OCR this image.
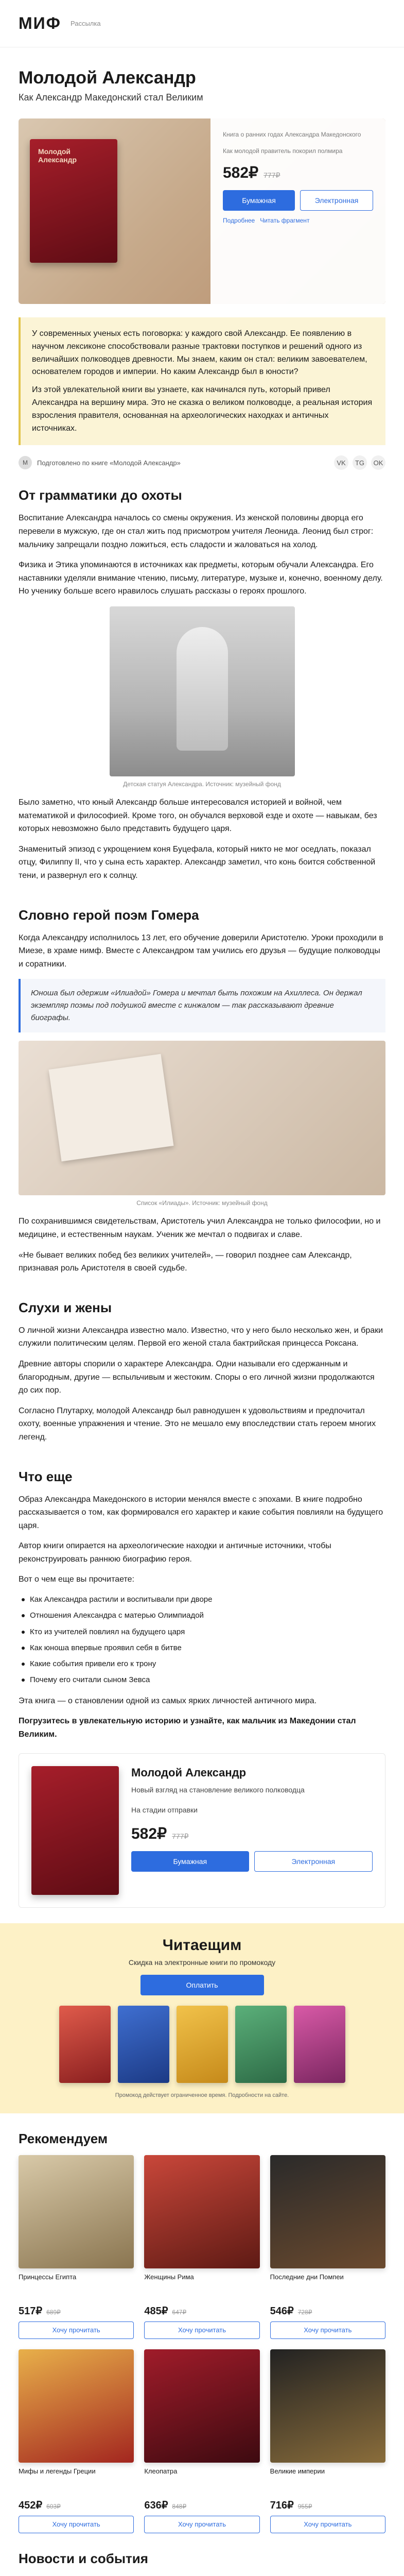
МИФ Рассылка
Молодой Александр
Как Александр Македонский стал Великим
Молодой Александр
Книга о ранних годах Александра Македонского
Как молодой правитель покорил полмира
582₽ 777₽
Бумажная	Электронная
Подробнее Читать фрагмент

У современных ученых есть поговорка: у каждого свой Александр. Ее появлению в научном лексиконе способствовали разные трактовки поступков и решений одного из величайших полководцев древности. Мы знаем, каким он стал: великим завоевателем, основателем городов и империи. Но каким Александр был в юности?

Из этой увлекательной книги вы узнаете, как начинался путь, который привел Александра на вершину мира. Это не сказка о великом полководце, а реальная история взросления правителя, основанная на археологических находках и античных источниках.

М	Подготовлено по книге «Молодой Александр»	VK	TG	OK
От грамматики до охоты
Воспитание Александра началось со смены окружения. Из женской половины дворца его перевели в мужскую, где он стал жить под присмотром учителя Леонида. Леонид был строг: мальчику запрещали поздно ложиться, есть сладости и жаловаться на холод.
Физика и Этика упоминаются в источниках как предметы, которым обучали Александра. Его наставники уделяли внимание чтению, письму, литературе, музыке и, конечно, военному делу. Но ученику больше всего нравилось слушать рассказы о героях прошлого.
Детская статуя Александра. Источник: музейный фонд
Было заметно, что юный Александр больше интересовался историей и войной, чем математикой и философией. Кроме того, он обучался верховой езде и охоте — навыкам, без которых невозможно было представить будущего царя.
Знаменитый эпизод с укрощением коня Буцефала, который никто не мог оседлать, показал отцу, Филиппу II, что у сына есть характер. Александр заметил, что конь боится собственной тени, и развернул его к солнцу.
Словно герой поэм Гомера
Когда Александру исполнилось 13 лет, его обучение доверили Аристотелю. Уроки проходили в Миезе, в храме нимф. Вместе с Александром там учились его друзья — будущие полководцы и соратники.
Юноша был одержим «Илиадой» Гомера и мечтал быть похожим на Ахиллеса. Он держал экземпляр поэмы под подушкой вместе с кинжалом — так рассказывают древние биографы.
Список «Илиады». Источник: музейный фонд
По сохранившимся свидетельствам, Аристотель учил Александра не только философии, но и медицине, и естественным наукам. Ученик же мечтал о подвигах и славе.
«Не бывает великих побед без великих учителей», — говорил позднее сам Александр, признавая роль Аристотеля в своей судьбе.
Слухи и жены
О личной жизни Александра известно мало. Известно, что у него было несколько жен, и браки служили политическим целям. Первой его женой стала бактрийская принцесса Роксана.
Древние авторы спорили о характере Александра. Одни называли его сдержанным и благородным, другие — вспыльчивым и жестоким. Споры о его личной жизни продолжаются до сих пор.
Согласно Плутарху, молодой Александр был равнодушен к удовольствиям и предпочитал охоту, военные упражнения и чтение. Это не мешало ему впоследствии стать героем многих легенд.
Что еще
Образ Александра Македонского в истории менялся вместе с эпохами. В книге подробно рассказывается о том, как формировался его характер и какие события повлияли на будущего царя.
Автор книги опирается на археологические находки и античные источники, чтобы реконструировать раннюю биографию героя.
Вот о чем еще вы прочитаете:
Как Александра растили и воспитывали при дворе
Отношения Александра с матерью Олимпиадой
Кто из учителей повлиял на будущего царя
Как юноша впервые проявил себя в битве
Какие события привели его к трону
Почему его считали сыном Зевса
Эта книга — о становлении одной из самых ярких личностей античного мира.
Погрузитесь в увлекательную историю и узнайте, как мальчик из Македонии стал Великим.
Молодой Александр
Новый взгляд на становление великого полководца
На стадии отправки
582₽ 777₽
Бумажная	Электронная
Читаещим
Скидка на электронные книги по промокоду
Оплатить
Промокод действует ограниченное время. Подробности на сайте.
Рекомендуем
Принцессы Египта
517₽ 689₽
Хочу прочитать
Женщины Рима
485₽ 647₽
Хочу прочитать
Последние дни Помпеи
546₽ 728₽
Хочу прочитать
Мифы и легенды Греции
452₽ 603₽
Хочу прочитать
Клеопатра
636₽ 848₽
Хочу прочитать
Великие империи
716₽ 955₽
Хочу прочитать
Новости и события
